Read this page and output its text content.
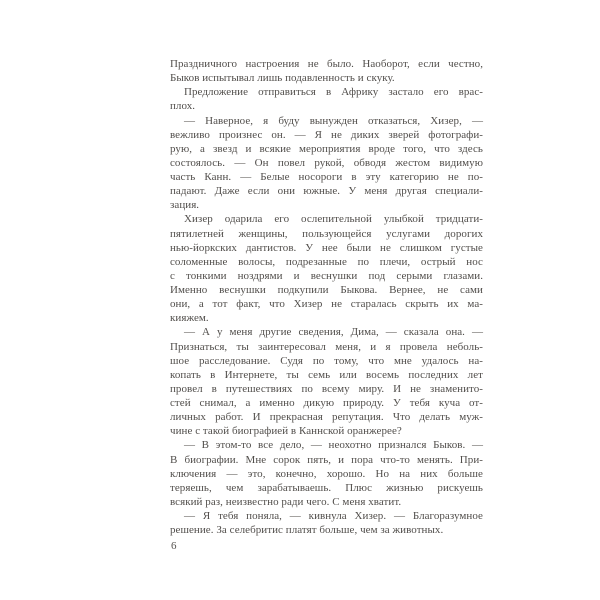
Праздничного настроения не было. Наоборот, если честно,
Быков испытывал лишь подавленность и скуку.
Предложение отправиться в Африку застало его врас-
плох.
— Наверное, я буду вынужден отказаться, Хизер, —
вежливо произнес он. — Я не диких зверей фотографи-
рую, а звезд и всякие мероприятия вроде того, что здесь
состоялось. — Он повел рукой, обводя жестом видимую
часть Канн. — Белые носороги в эту категорию не по-
падают. Даже если они южные. У меня другая специали-
зация.
Хизер одарила его ослепительной улыбкой тридцати-
пятилетней женщины, пользующейся услугами дорогих
нью-йоркских дантистов. У нее были не слишком густые
соломенные волосы, подрезанные по плечи, острый нос
с тонкими ноздрями и веснушки под серыми глазами.
Именно веснушки подкупили Быкова. Вернее, не сами
они, а тот факт, что Хизер не старалась скрыть их ма-
кияжем.
— А у меня другие сведения, Дима, — сказала она. —
Признаться, ты заинтересовал меня, и я провела неболь-
шое расследование. Судя по тому, что мне удалось на-
копать в Интернете, ты семь или восемь последних лет
провел в путешествиях по всему миру. И не знаменито-
стей снимал, а именно дикую природу. У тебя куча от-
личных работ. И прекрасная репутация. Что делать муж-
чине с такой биографией в Каннской оранжерее?
— В этом-то все дело, — неохотно признался Быков. —
В биографии. Мне сорок пять, и пора что-то менять. При-
ключения — это, конечно, хорошо. Но на них больше
теряешь, чем зарабатываешь. Плюс жизнью рискуешь
всякий раз, неизвестно ради чего. С меня хватит.
— Я тебя поняла, — кивнула Хизер. — Благоразумное
решение. За селебритис платят больше, чем за животных.
6
